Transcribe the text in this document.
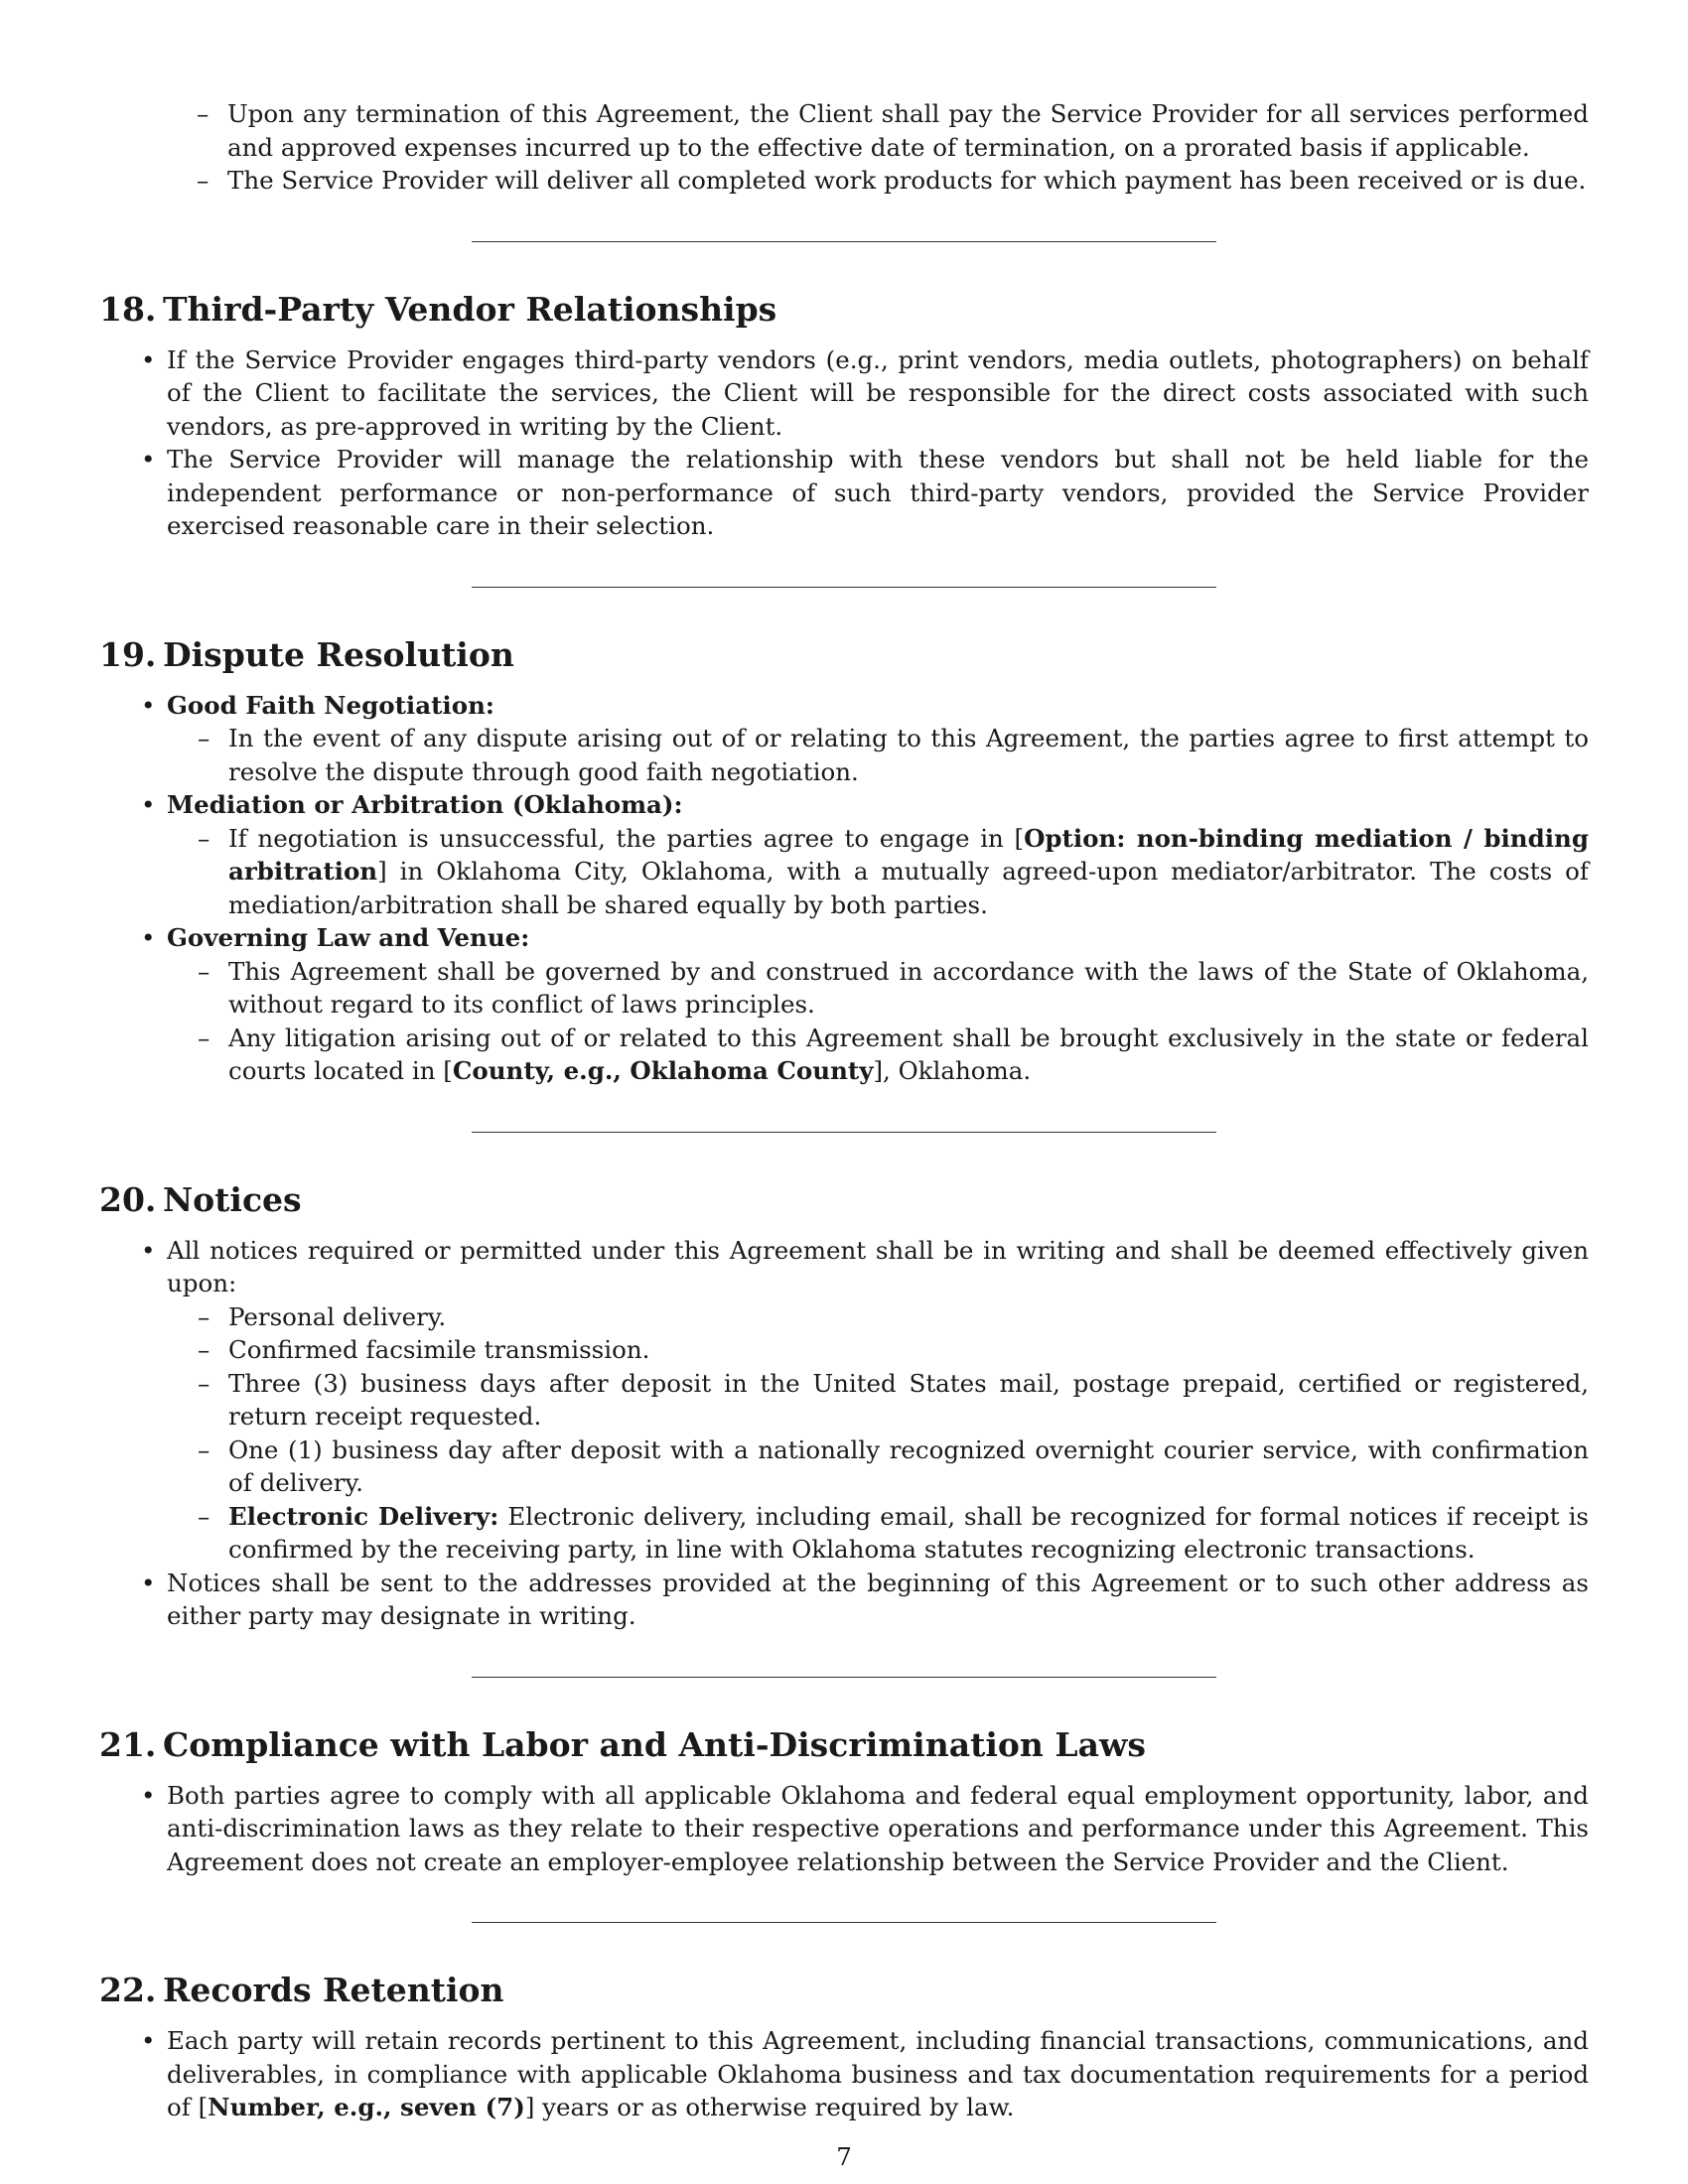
– Upon any termination of this Agreement, the Client shall pay the Service Provider for all services performed and approved expenses incurred up to the effective date of termination, on a prorated basis if applicable.
– The Service Provider will deliver all completed work products for which payment has been received or is due.
18. Third-Party Vendor Relationships
• If the Service Provider engages third-party vendors (e.g., print vendors, media outlets, photographers) on behalf of the Client to facilitate the services, the Client will be responsible for the direct costs associated with such vendors, as pre-approved in writing by the Client.
• The Service Provider will manage the relationship with these vendors but shall not be held liable for the independent performance or non-performance of such third-party vendors, provided the Service Provider exercised reasonable care in their selection.
19. Dispute Resolution
• Good Faith Negotiation:
– In the event of any dispute arising out of or relating to this Agreement, the parties agree to first attempt to resolve the dispute through good faith negotiation.
• Mediation or Arbitration (Oklahoma):
– If negotiation is unsuccessful, the parties agree to engage in [Option: non-binding mediation / binding arbitration] in Oklahoma City, Oklahoma, with a mutually agreed-upon mediator/arbitrator. The costs of mediation/arbitration shall be shared equally by both parties.
• Governing Law and Venue:
– This Agreement shall be governed by and construed in accordance with the laws of the State of Oklahoma, without regard to its conflict of laws principles.
– Any litigation arising out of or related to this Agreement shall be brought exclusively in the state or federal courts located in [County, e.g., Oklahoma County], Oklahoma.
20. Notices
• All notices required or permitted under this Agreement shall be in writing and shall be deemed effectively given upon:
– Personal delivery.
– Confirmed facsimile transmission.
– Three (3) business days after deposit in the United States mail, postage prepaid, certified or registered, return receipt requested.
– One (1) business day after deposit with a nationally recognized overnight courier service, with confirmation of delivery.
– Electronic Delivery: Electronic delivery, including email, shall be recognized for formal notices if receipt is confirmed by the receiving party, in line with Oklahoma statutes recognizing electronic transactions.
• Notices shall be sent to the addresses provided at the beginning of this Agreement or to such other address as either party may designate in writing.
21. Compliance with Labor and Anti-Discrimination Laws
• Both parties agree to comply with all applicable Oklahoma and federal equal employment opportunity, labor, and anti-discrimination laws as they relate to their respective operations and performance under this Agreement. This Agreement does not create an employer-employee relationship between the Service Provider and the Client.
22. Records Retention
• Each party will retain records pertinent to this Agreement, including financial transactions, communications, and deliverables, in compliance with applicable Oklahoma business and tax documentation requirements for a period of [Number, e.g., seven (7)] years or as otherwise required by law.
7
